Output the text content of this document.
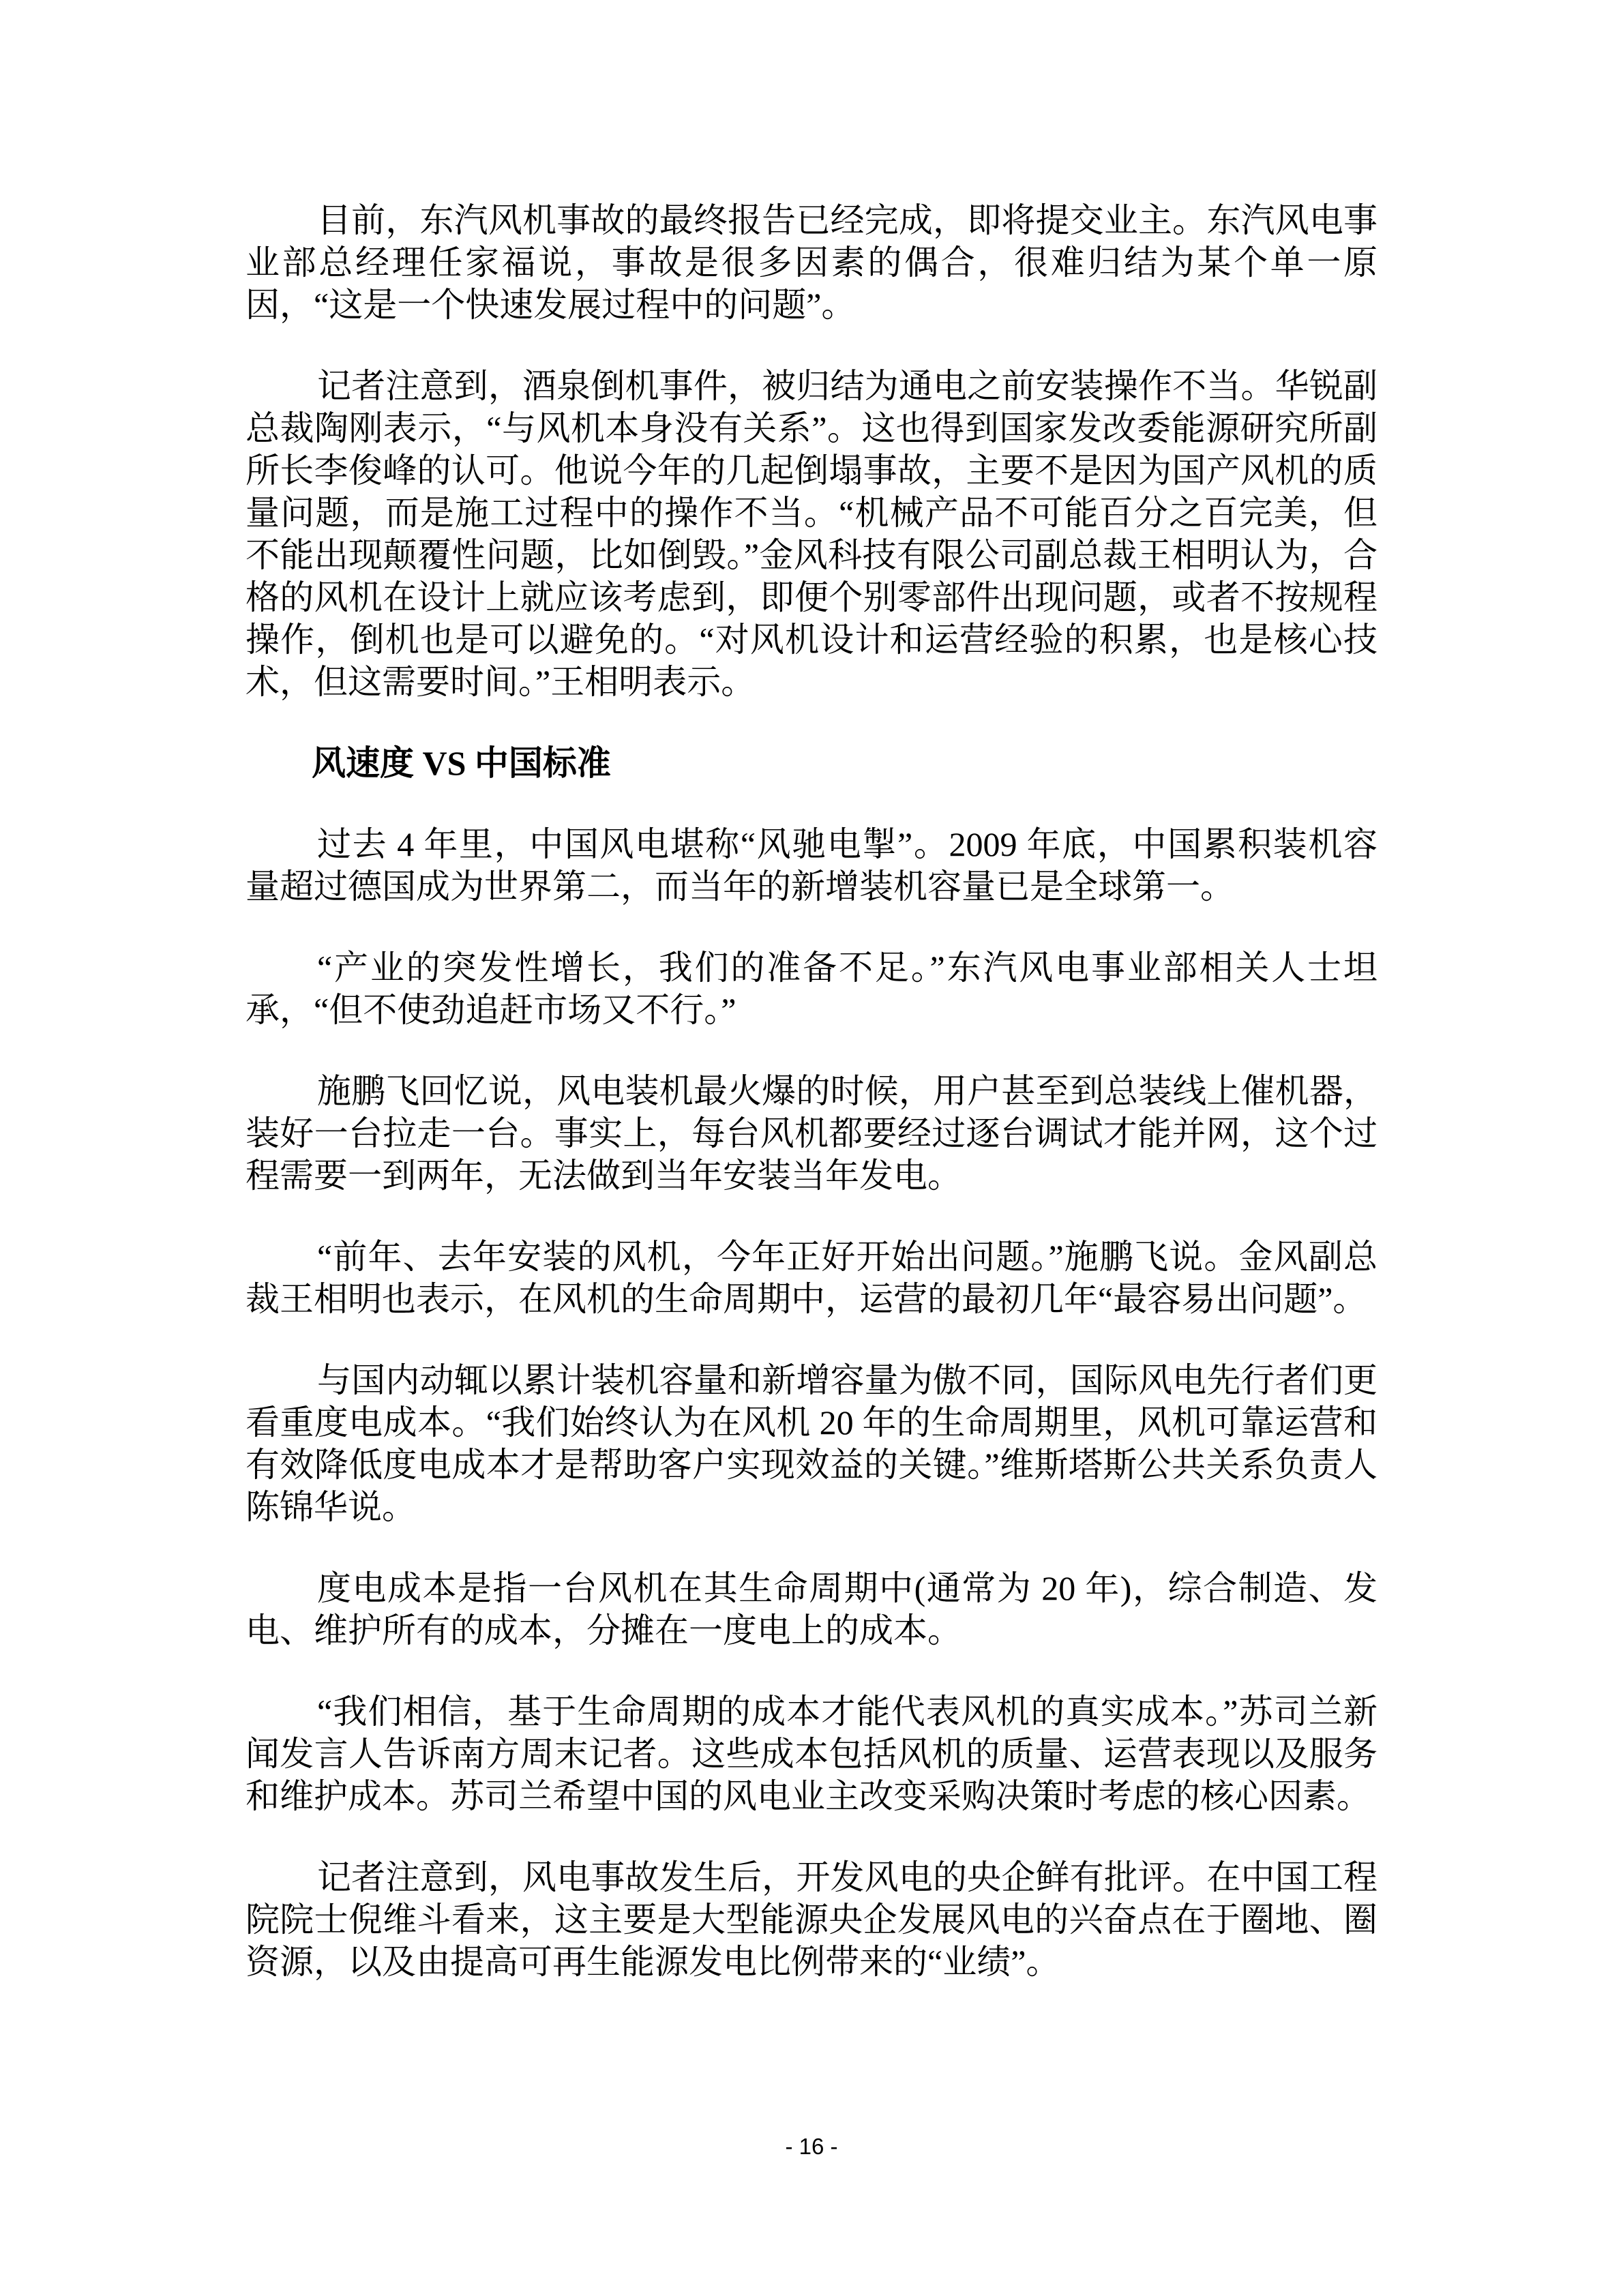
目前，东汽风机事故的最终报告已经完成，即将提交业主。东汽风电事业部总经理任家福说，事故是很多因素的偶合，很难归结为某个单一原因，“这是一个快速发展过程中的问题”。

记者注意到，酒泉倒机事件，被归结为通电之前安装操作不当。华锐副总裁陶刚表示，“与风机本身没有关系”。这也得到国家发改委能源研究所副所长李俊峰的认可。他说今年的几起倒塌事故，主要不是因为国产风机的质量问题，而是施工过程中的操作不当。“机械产品不可能百分之百完美，但不能出现颠覆性问题，比如倒毁。”金风科技有限公司副总裁王相明认为，合格的风机在设计上就应该考虑到，即便个别零部件出现问题，或者不按规程操作，倒机也是可以避免的。“对风机设计和运营经验的积累，也是核心技术，但这需要时间。”王相明表示。

风速度 VS 中国标准

过去 4 年里，中国风电堪称“风驰电掣”。2009 年底，中国累积装机容量超过德国成为世界第二，而当年的新增装机容量已是全球第一。

“产业的突发性增长，我们的准备不足。”东汽风电事业部相关人士坦承，“但不使劲追赶市场又不行。”

施鹏飞回忆说，风电装机最火爆的时候，用户甚至到总装线上催机器，装好一台拉走一台。事实上，每台风机都要经过逐台调试才能并网，这个过程需要一到两年，无法做到当年安装当年发电。

“前年、去年安装的风机，今年正好开始出问题。”施鹏飞说。金风副总裁王相明也表示，在风机的生命周期中，运营的最初几年“最容易出问题”。

与国内动辄以累计装机容量和新增容量为傲不同，国际风电先行者们更看重度电成本。“我们始终认为在风机 20 年的生命周期里，风机可靠运营和有效降低度电成本才是帮助客户实现效益的关键。”维斯塔斯公共关系负责人陈锦华说。

度电成本是指一台风机在其生命周期中(通常为 20 年)，综合制造、发电、维护所有的成本，分摊在一度电上的成本。

“我们相信，基于生命周期的成本才能代表风机的真实成本。”苏司兰新闻发言人告诉南方周末记者。这些成本包括风机的质量、运营表现以及服务和维护成本。苏司兰希望中国的风电业主改变采购决策时考虑的核心因素。

记者注意到，风电事故发生后，开发风电的央企鲜有批评。在中国工程院院士倪维斗看来，这主要是大型能源央企发展风电的兴奋点在于圈地、圈资源，以及由提高可再生能源发电比例带来的“业绩”。

- 16 -
